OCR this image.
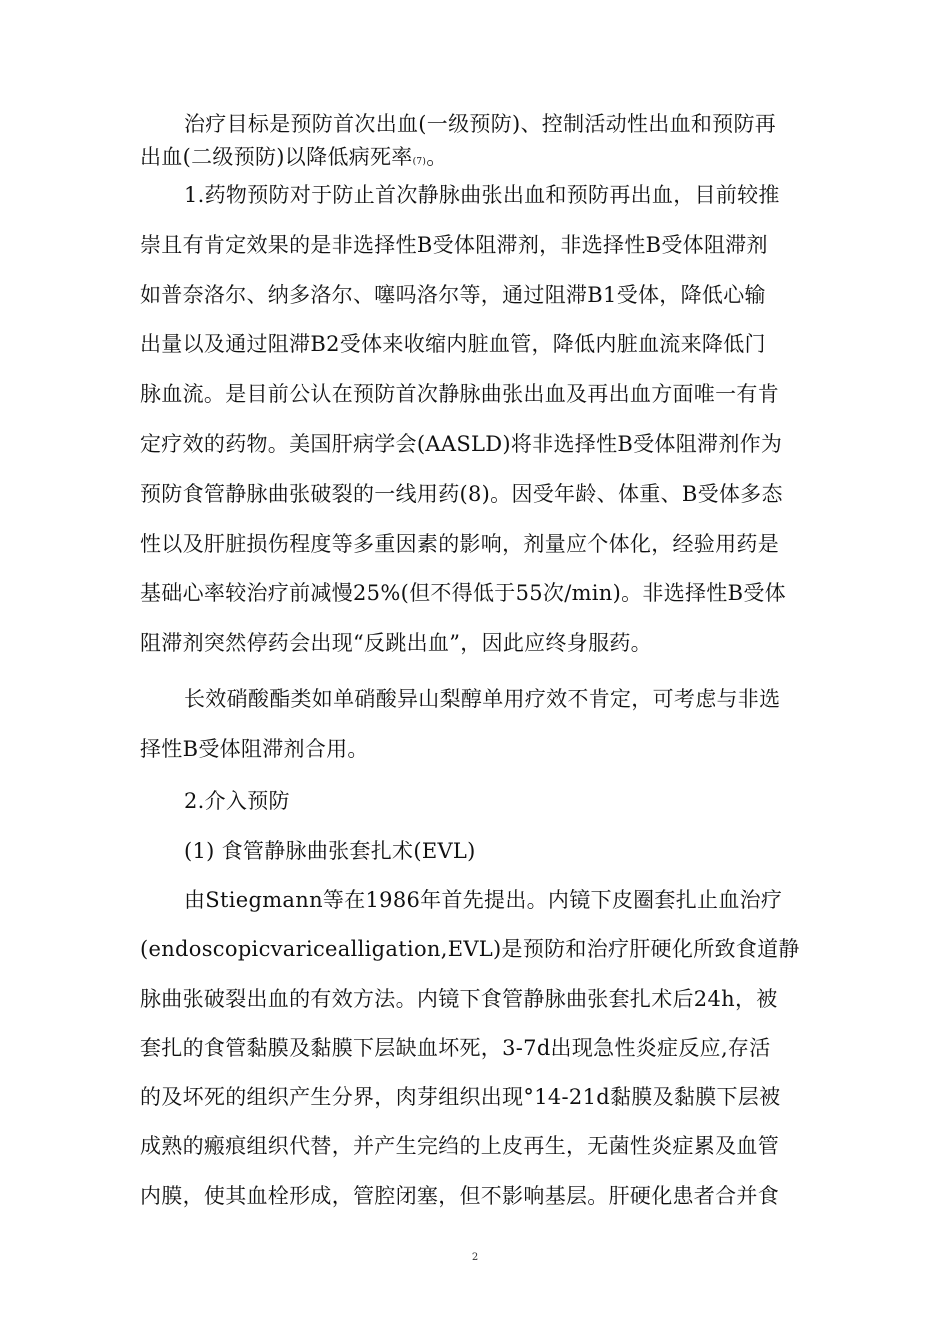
治疗目标是预防首次出血(一级预防)、控制活动性出血和预防再
出血(二级预防)以降低病死率(7)。
1.药物预防对于防止首次静脉曲张出血和预防再出血，目前较推
崇且有肯定效果的是非选择性B受体阻滞剂，非选择性B受体阻滞剂
如普奈洛尔、纳多洛尔、噻吗洛尔等，通过阻滞B1受体，降低心输
出量以及通过阻滞B2受体来收缩内脏血管，降低内脏血流来降低门
脉血流。是目前公认在预防首次静脉曲张出血及再出血方面唯一有肯
定疗效的药物。美国肝病学会(AASLD)将非选择性B受体阻滞剂作为
预防食管静脉曲张破裂的一线用药(8)。因受年龄、体重、B受体多态
性以及肝脏损伤程度等多重因素的影响，剂量应个体化，经验用药是
基础心率较治疗前减慢25%(但不得低于55次/min)。非选择性B受体
阻滞剂突然停药会出现“反跳出血”，因此应终身服药。
长效硝酸酯类如单硝酸异山梨醇单用疗效不肯定，可考虑与非选
择性B受体阻滞剂合用。
2.介入预防
(1) 食管静脉曲张套扎术(EVL)
由Stiegmann等在1986年首先提出。内镜下皮圈套扎止血治疗
(endoscopicvaricealligation,EVL)是预防和治疗肝硬化所致食道静
脉曲张破裂出血的有效方法。内镜下食管静脉曲张套扎术后24h，被
套扎的食管黏膜及黏膜下层缺血坏死，3-7d出现急性炎症反应,存活
的及坏死的组织产生分界，肉芽组织出现°14-21d黏膜及黏膜下层被
成熟的瘢痕组织代替，并产生完绉的上皮再生，无菌性炎症累及血管
内膜，使其血栓形成，管腔闭塞，但不影响基层。肝硬化患者合并食
2
